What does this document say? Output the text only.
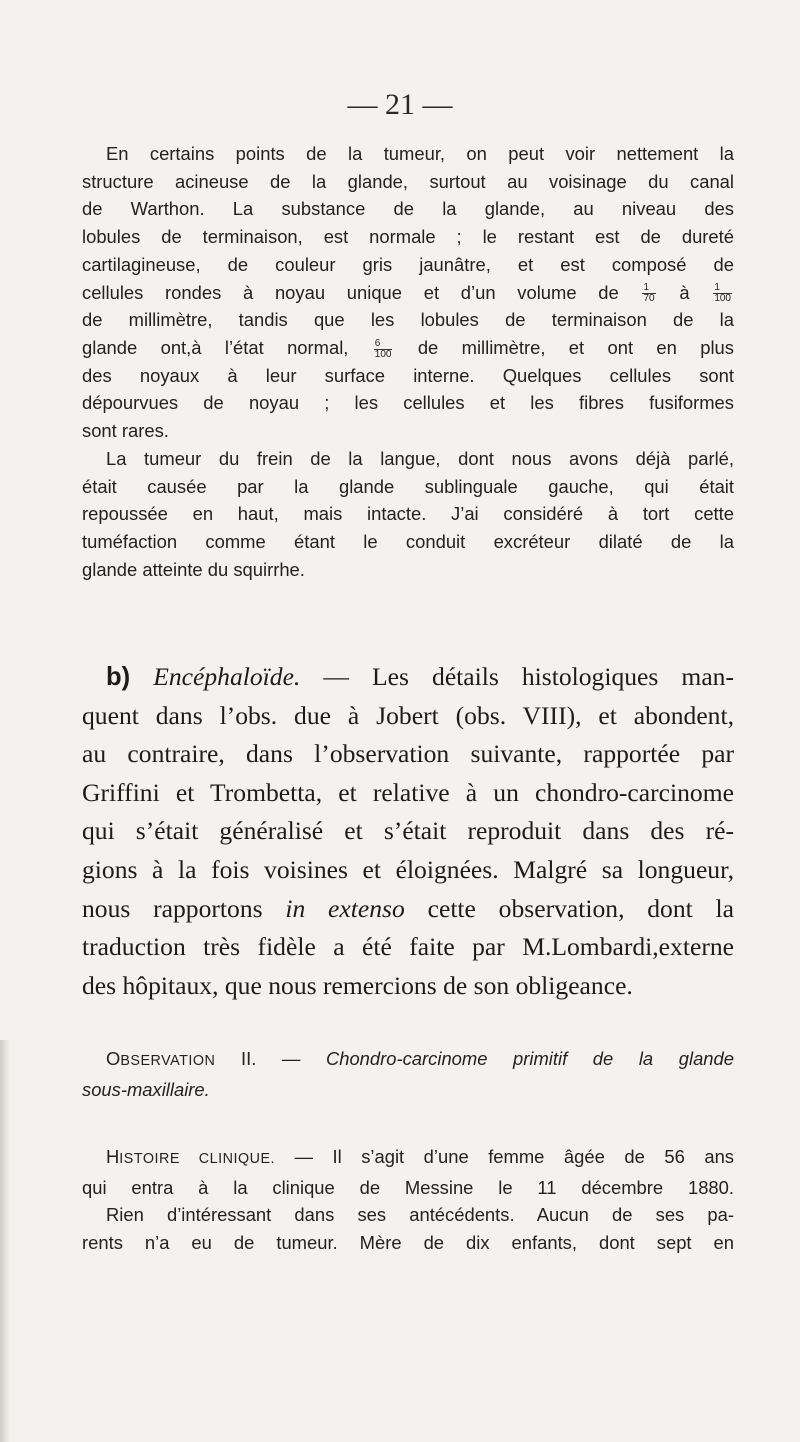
— 21 —
En certains points de la tumeur, on peut voir nettement la
structure acineuse de la glande, surtout au voisinage du canal
de Warthon. La substance de la glande, au niveau des
lobules de terminaison, est normale ; le restant est de dureté
cartilagineuse, de couleur gris jaunâtre, et est composé de
cellules rondes à noyau unique et d’un volume de $\frac{1}{70}$ à $\frac{1}{100}$
de millimètre, tandis que les lobules de terminaison de la
glande ont,à l’état normal,	$\frac{6}{100}$ de millimètre, et ont en plus
des noyaux à leur surface interne. Quelques cellules sont
dépourvues de noyau ; les cellules et les fibres fusiformes
sont rares.
La tumeur du frein de la langue, dont nous avons déjà parlé,
était causée par la glande sublinguale gauche, qui était
repoussée en haut, mais intacte. J’ai considéré à tort cette
tuméfaction comme étant le conduit excréteur dilaté de la
glande atteinte du squirrhe.
b) Encéphaloïde. — Les détails histologiques man-
quent dans l’obs. due à Jobert (obs. VIII), et abondent,
au contraire, dans l’observation suivante, rapportée par
Griffini et Trombetta, et relative à un chondro-carcinome
qui s’était généralisé et s’était reproduit dans des ré-
gions à la fois voisines et éloignées. Malgré sa longueur,
nous rapportons in extenso cette observation, dont la
traduction très fidèle a été faite par M.Lombardi,externe
des hôpitaux, que nous remercions de son obligeance.
OBSERVATION II. — Chondro-carcinome primitif de la glande
sous-maxillaire.
HISTOIRE CLINIQUE. — Il s’agit d’une femme âgée de 56 ans
qui entra à la clinique de Messine le 11 décembre 1880.
Rien d’intéressant dans ses antécédents. Aucun de ses pa-
rents n’a eu de tumeur. Mère de dix enfants, dont sept en
